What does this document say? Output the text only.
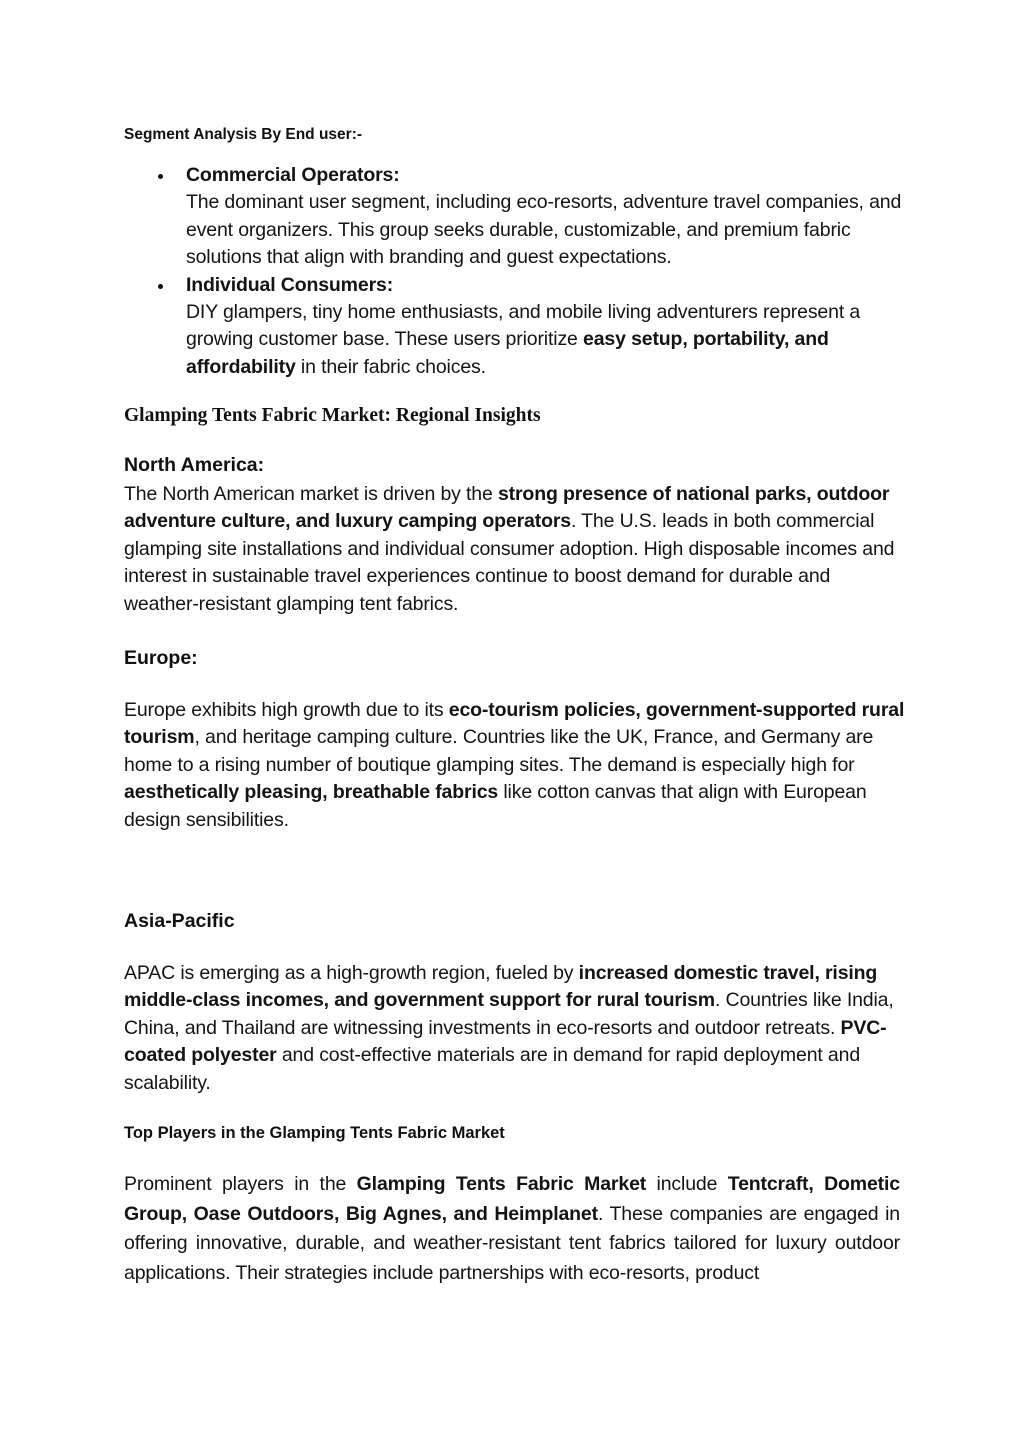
Segment Analysis By End user:-
Commercial Operators:
The dominant user segment, including eco-resorts, adventure travel companies, and event organizers. This group seeks durable, customizable, and premium fabric solutions that align with branding and guest expectations.
Individual Consumers:
DIY glampers, tiny home enthusiasts, and mobile living adventurers represent a growing customer base. These users prioritize easy setup, portability, and affordability in their fabric choices.
Glamping Tents Fabric Market: Regional Insights
North America:

The North American market is driven by the strong presence of national parks, outdoor adventure culture, and luxury camping operators. The U.S. leads in both commercial glamping site installations and individual consumer adoption. High disposable incomes and interest in sustainable travel experiences continue to boost demand for durable and weather-resistant glamping tent fabrics.

Europe:

Europe exhibits high growth due to its eco-tourism policies, government-supported rural tourism, and heritage camping culture. Countries like the UK, France, and Germany are home to a rising number of boutique glamping sites. The demand is especially high for aesthetically pleasing, breathable fabrics like cotton canvas that align with European design sensibilities.

Asia-Pacific

APAC is emerging as a high-growth region, fueled by increased domestic travel, rising middle-class incomes, and government support for rural tourism. Countries like India, China, and Thailand are witnessing investments in eco-resorts and outdoor retreats. PVC-coated polyester and cost-effective materials are in demand for rapid deployment and scalability.

Top Players in the Glamping Tents Fabric Market

Prominent players in the Glamping Tents Fabric Market include Tentcraft, Dometic Group, Oase Outdoors, Big Agnes, and Heimplanet. These companies are engaged in offering innovative, durable, and weather-resistant tent fabrics tailored for luxury outdoor applications. Their strategies include partnerships with eco-resorts, product
